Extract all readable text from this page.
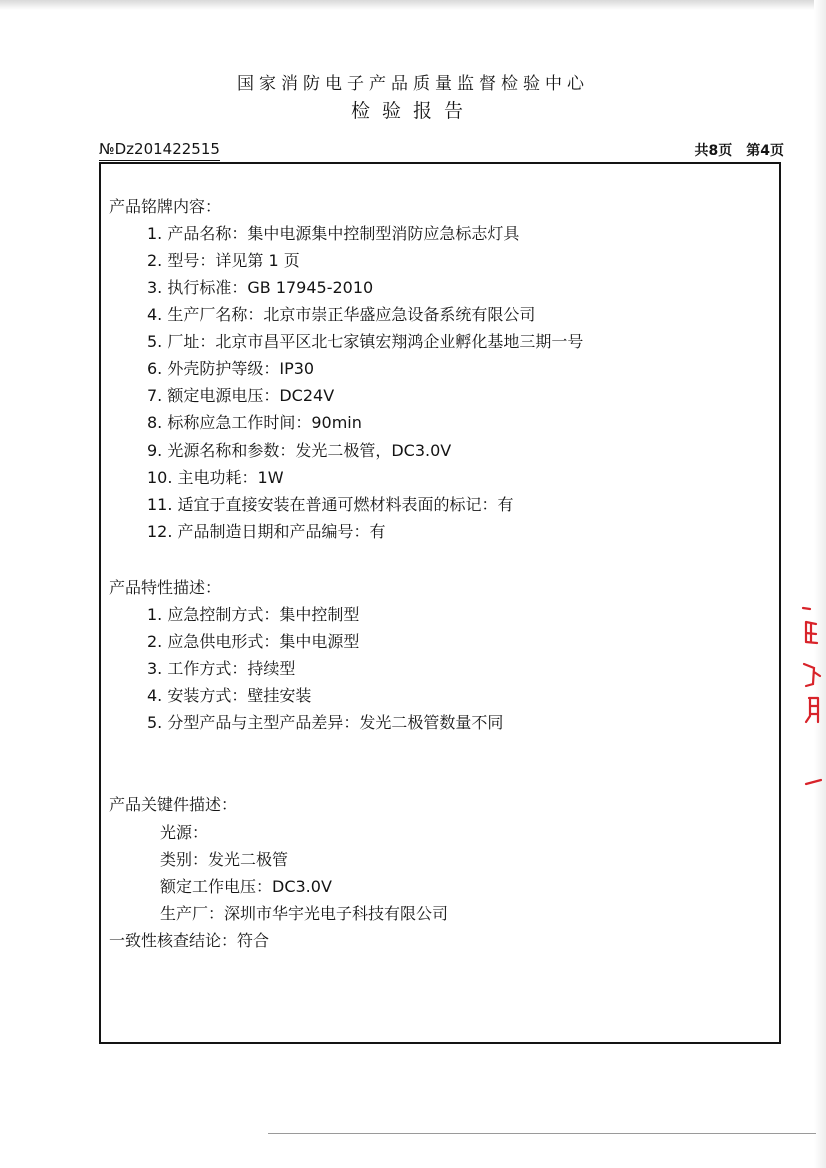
国家消防电子产品质量监督检验中心
检验报告
№Dz201422515	共8页 第4页
产品铭牌内容：
1. 产品名称：集中电源集中控制型消防应急标志灯具
2. 型号：详见第 1 页
3. 执行标准：GB 17945-2010
4. 生产厂名称：北京市崇正华盛应急设备系统有限公司
5. 厂址：北京市昌平区北七家镇宏翔鸿企业孵化基地三期一号
6. 外壳防护等级：IP30
7. 额定电源电压：DC24V
8. 标称应急工作时间：90min
9. 光源名称和参数：发光二极管，DC3.0V
10. 主电功耗：1W
11. 适宜于直接安装在普通可燃材料表面的标记：有
12. 产品制造日期和产品编号：有
产品特性描述：
1. 应急控制方式：集中控制型
2. 应急供电形式：集中电源型
3. 工作方式：持续型
4. 安装方式：壁挂安装
5. 分型产品与主型产品差异：发光二极管数量不同
产品关键件描述：
光源：
类别：发光二极管
额定工作电压：DC3.0V
生产厂：深圳市华宇光电子科技有限公司
一致性核查结论：符合
